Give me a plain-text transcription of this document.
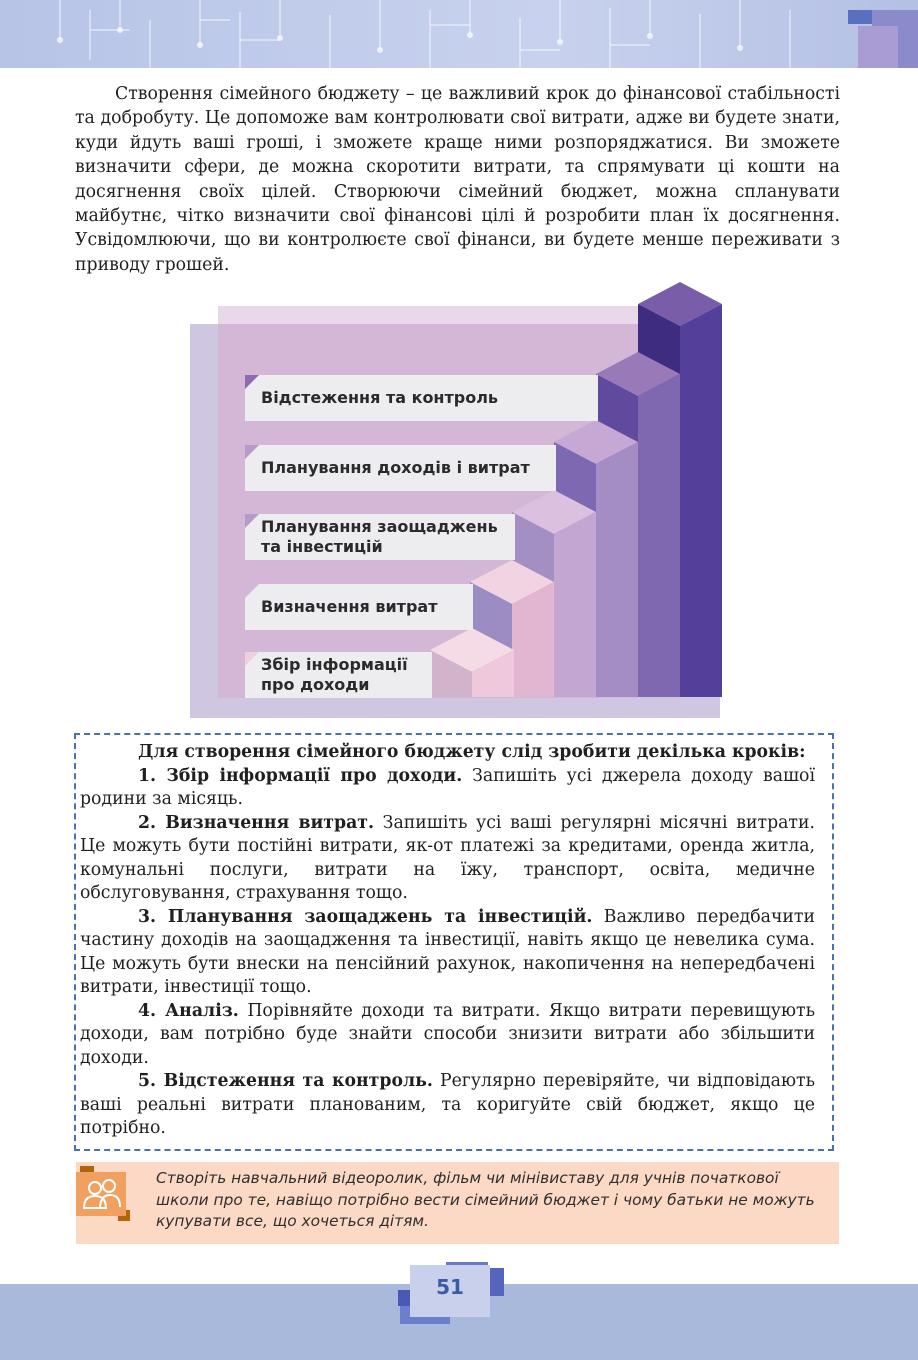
Створення сімейного бюджету – це важливий крок до фінансової стабільності та добробуту. Це допоможе вам контролювати свої витрати, адже ви будете знати, куди йдуть ваші гроші, і зможете краще ними розпоряджатися. Ви зможете визначити сфери, де можна скоротити витрати, та спрямувати ці кошти на досягнення своїх цілей. Створюючи сімейний бюджет, можна спланувати майбутнє, чітко визначити свої фінансові цілі й розробити план їх досягнення. Усвідомлюючи, що ви контролюєте свої фінанси, ви будете менше переживати з приводу грошей.

Відстеження та контроль
Планування доходів і витрат
Планування заощаджень та інвестицій
Визначення витрат
Збір інформації про доходи

Для створення сімейного бюджету слід зробити декілька кроків:

1. Збір інформації про доходи. Запишіть усі джерела доходу вашої родини за місяць.

2. Визначення витрат. Запишіть усі ваші регулярні місячні витрати. Це можуть бути постійні витрати, як-от платежі за кредитами, оренда житла, комунальні послуги, витрати на їжу, транспорт, освіта, медичне обслуговування, страхування тощо.

3. Планування заощаджень та інвестицій. Важливо передбачити частину доходів на заощадження та інвестиції, навіть якщо це невелика сума. Це можуть бути внески на пенсійний рахунок, накопичення на непередбачені витрати, інвестиції тощо.

4. Аналіз. Порівняйте доходи та витрати. Якщо витрати перевищують доходи, вам потрібно буде знайти способи знизити витрати або збільшити доходи.

5. Відстеження та контроль. Регулярно перевіряйте, чи відповідають ваші реальні витрати планованим, та коригуйте свій бюджет, якщо це потрібно.

Створіть навчальний відеоролик, фільм чи мінівиставу для учнів початкової школи про те, навіщо потрібно вести сімейний бюджет і чому батьки не можуть купувати все, що хочеться дітям.

51
